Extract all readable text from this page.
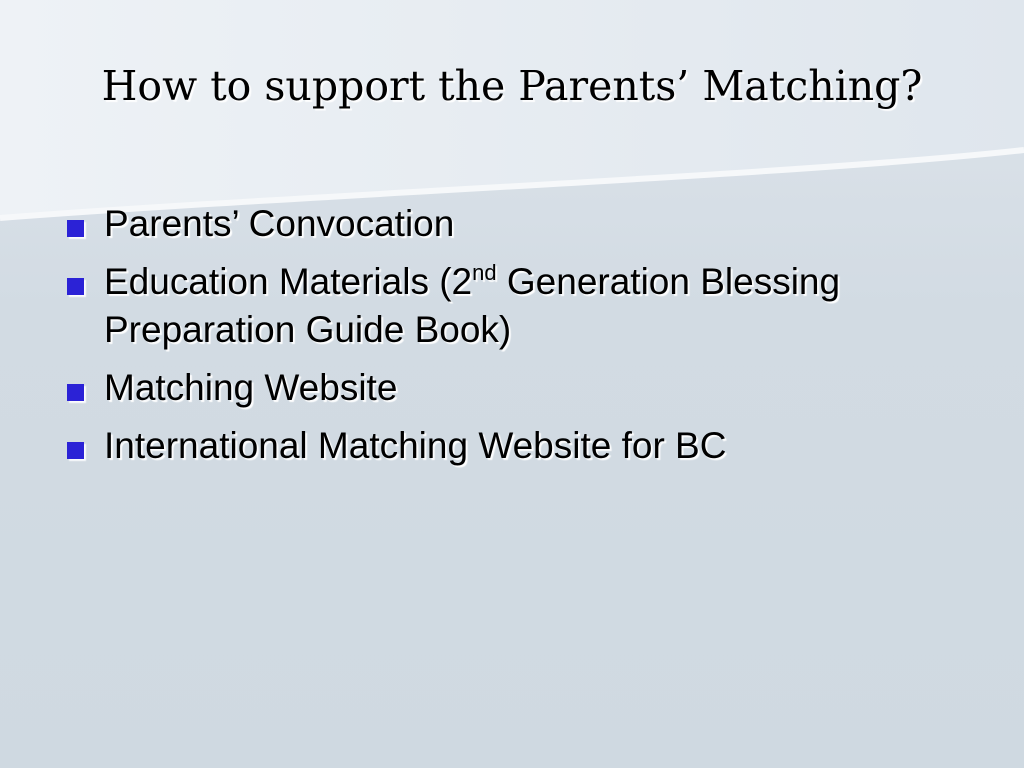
How to support the Parents’ Matching?
Parents’ Convocation
Education Materials (2nd Generation Blessing Preparation Guide Book)
Matching Website
International Matching Website for BC
